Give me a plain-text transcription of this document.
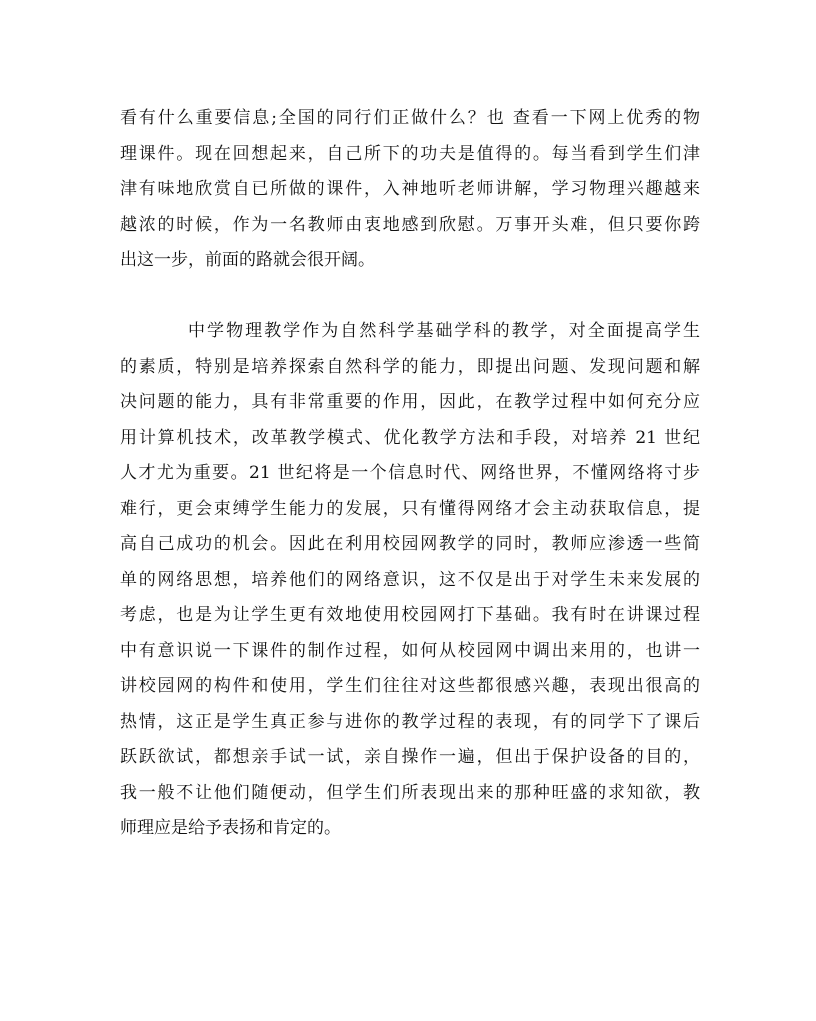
看有什么重要信息;全国的同行们正做什么？也 查看一下网上优秀的物
理课件。现在回想起来，自己所下的功夫是值得的。每当看到学生们津
津有味地欣赏自已所做的课件，入神地听老师讲解，学习物理兴趣越来
越浓的时候，作为一名教师由衷地感到欣慰。万事开头难，但只要你跨
出这一步，前面的路就会很开阔。
中学物理教学作为自然科学基础学科的教学，对全面提高学生
的素质，特别是培养探索自然科学的能力，即提出问题、发现问题和解
决问题的能力，具有非常重要的作用，因此，在教学过程中如何充分应
用计算机技术，改革教学模式、优化教学方法和手段，对培养 21 世纪
人才尤为重要。21 世纪将是一个信息时代、网络世界，不懂网络将寸步
难行，更会束缚学生能力的发展，只有懂得网络才会主动获取信息，提
高自己成功的机会。因此在利用校园网教学的同时，教师应渗透一些简
单的网络思想，培养他们的网络意识，这不仅是出于对学生未来发展的
考虑，也是为让学生更有效地使用校园网打下基础。我有时在讲课过程
中有意识说一下课件的制作过程，如何从校园网中调出来用的，也讲一
讲校园网的构件和使用，学生们往往对这些都很感兴趣，表现出很高的
热情，这正是学生真正参与进你的教学过程的表现，有的同学下了课后
跃跃欲试，都想亲手试一试，亲自操作一遍，但出于保护设备的目的，
我一般不让他们随便动，但学生们所表现出来的那种旺盛的求知欲，教
师理应是给予表扬和肯定的。
